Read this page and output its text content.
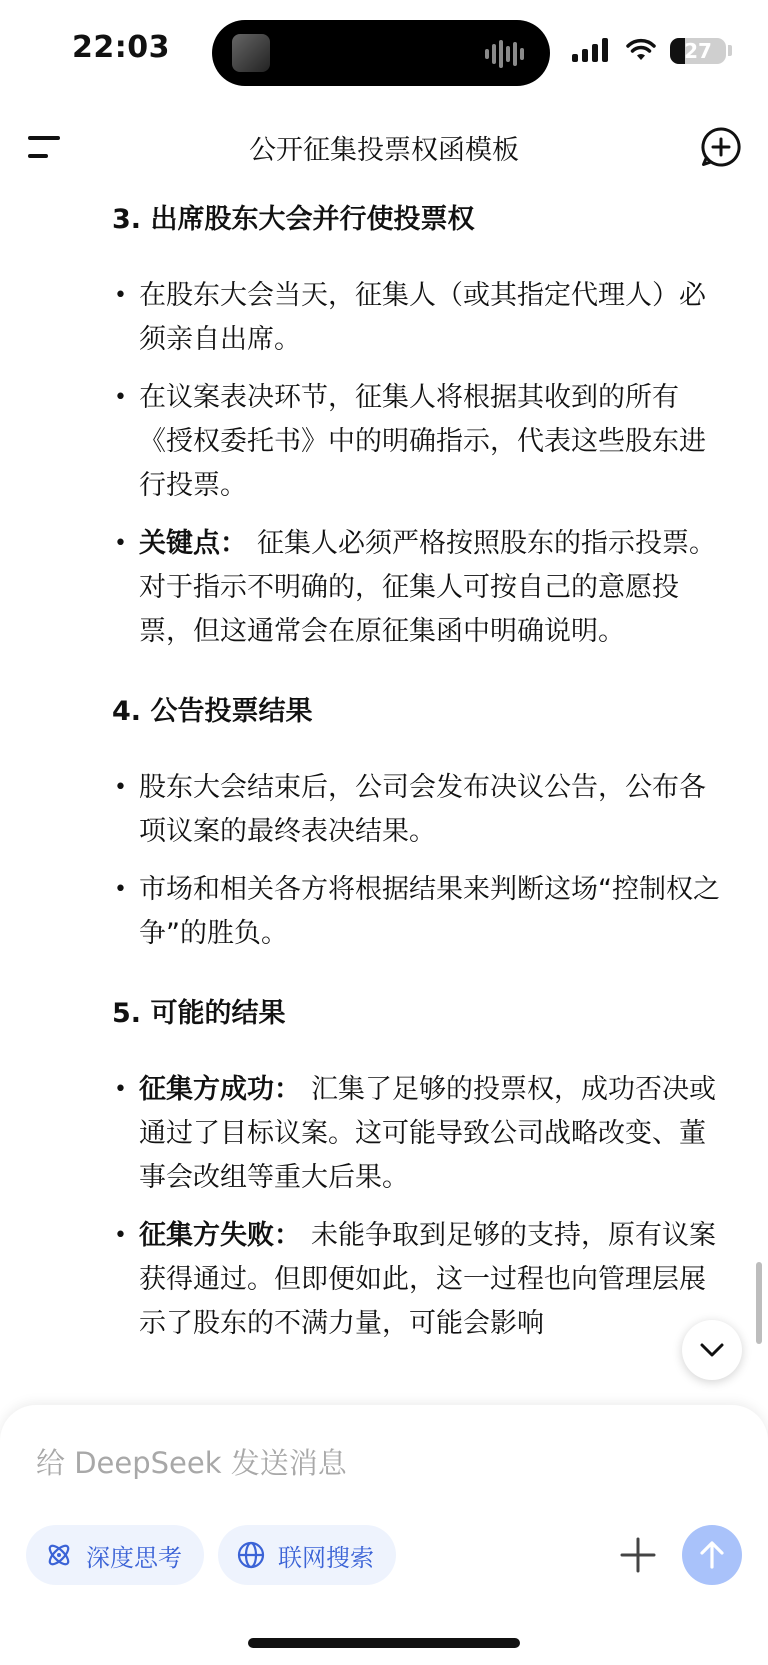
22:03	27
公开征集投票权函模板
3. 出席股东大会并行使投票权
• 在股东大会当天，征集人（或其指定代理人）必须亲自出席。
• 在议案表决环节，征集人将根据其收到的所有《授权委托书》中的明确指示，代表这些股东进行投票。
• 关键点： 征集人必须严格按照股东的指示投票。对于指示不明确的，征集人可按自己的意愿投票，但这通常会在原征集函中明确说明。
4. 公告投票结果
• 股东大会结束后，公司会发布决议公告，公布各项议案的最终表决结果。
• 市场和相关各方将根据结果来判断这场“控制权之争”的胜负。
5. 可能的结果
• 征集方成功： 汇集了足够的投票权，成功否决或通过了目标议案。这可能导致公司战略改变、董事会改组等重大后果。
• 征集方失败： 未能争取到足够的支持，原有议案获得通过。但即便如此，这一过程也向管理层展示了股东的不满力量，可能会影响
给 DeepSeek 发送消息
深度思考	联网搜索
